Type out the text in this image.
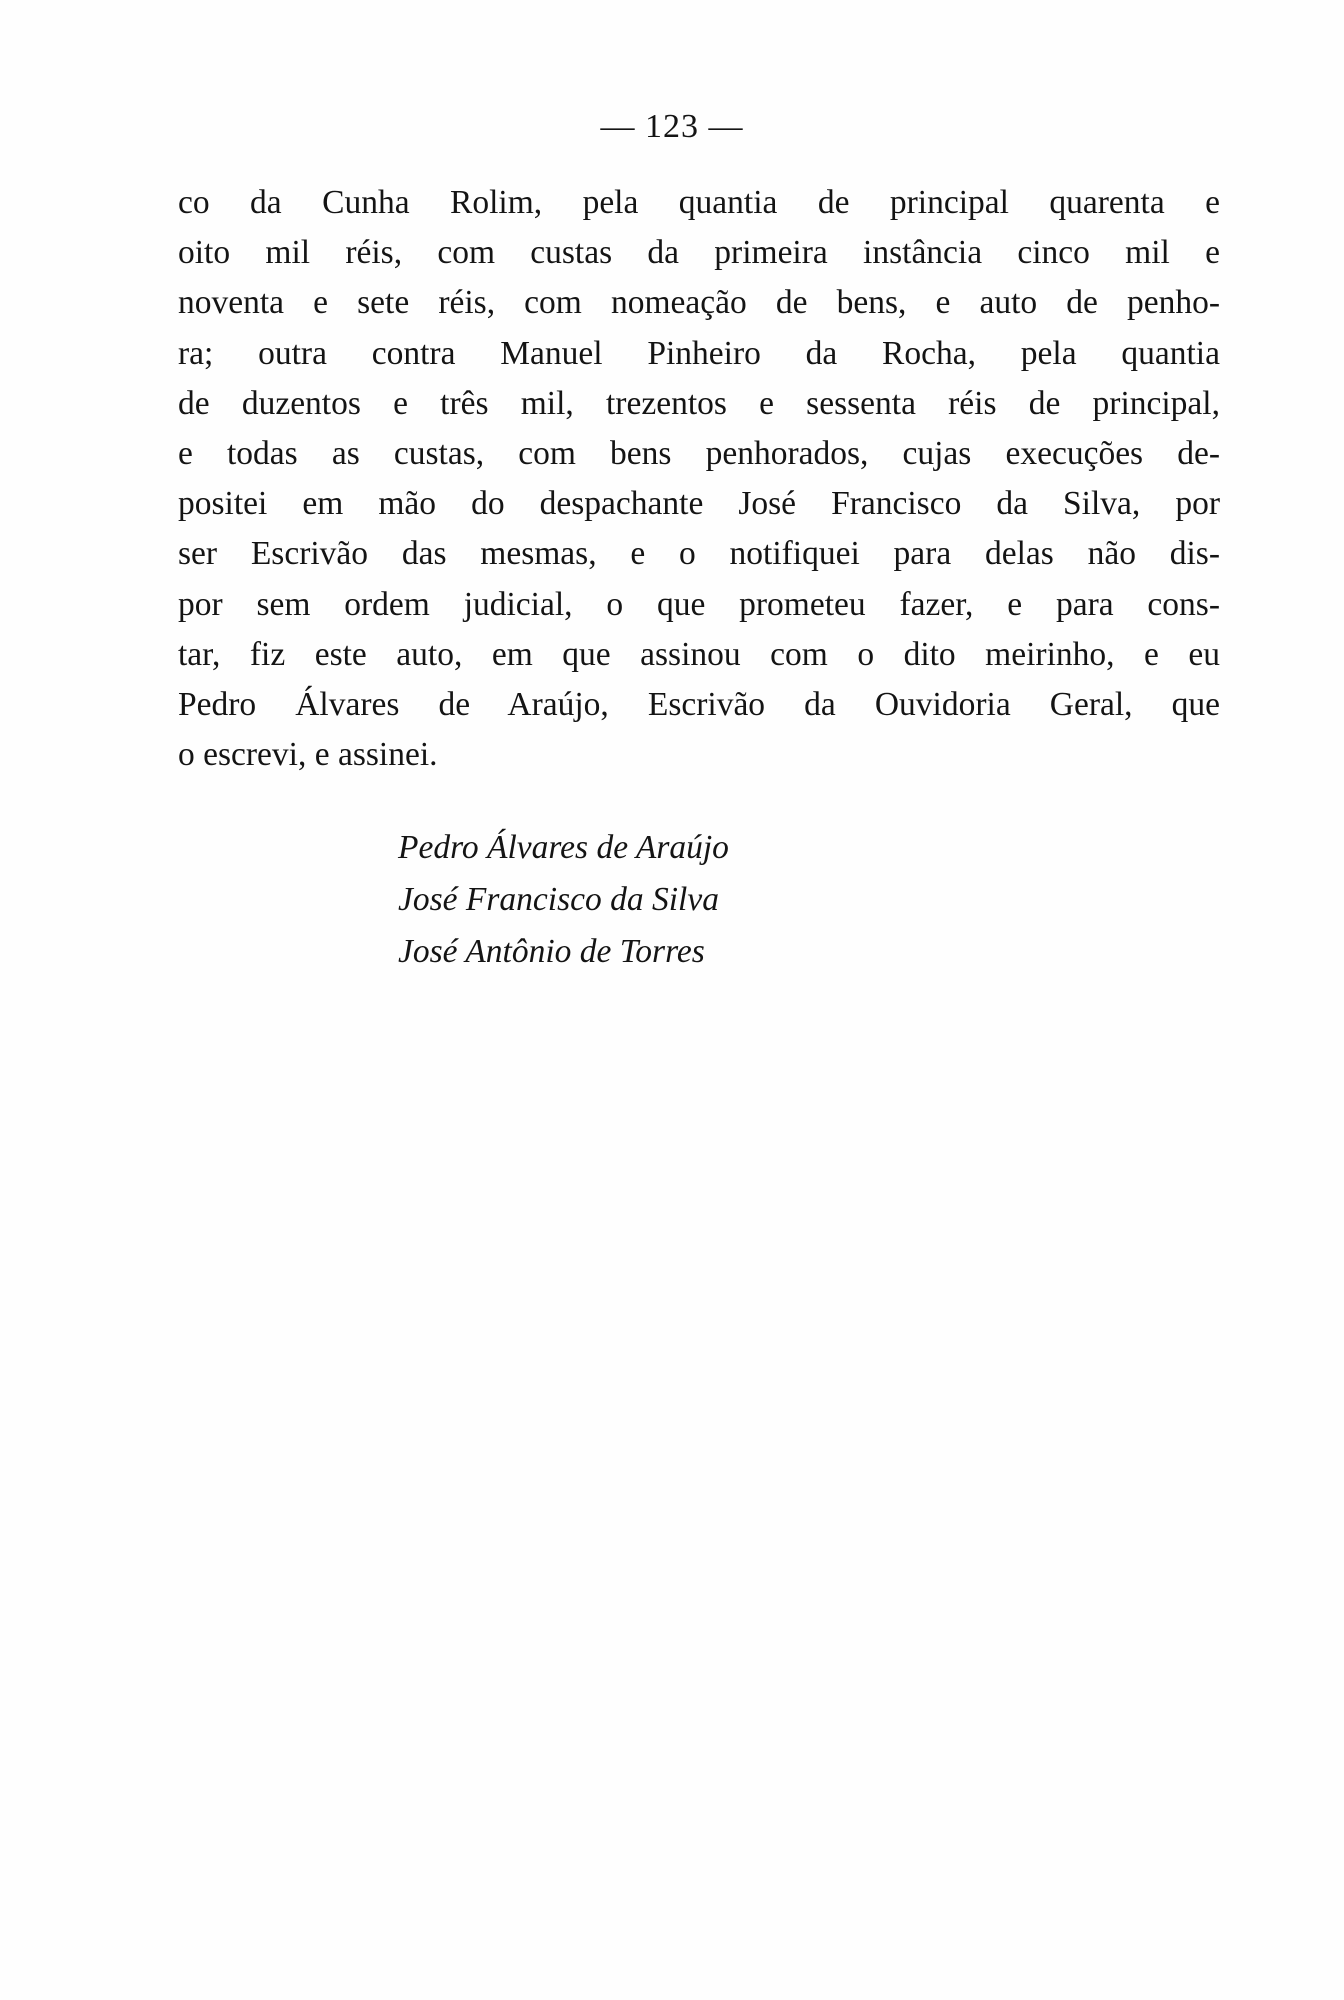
— 123 —
co da Cunha Rolim, pela quantia de principal quarenta e
oito mil réis, com custas da primeira instância cinco mil e
noventa e sete réis, com nomeação de bens, e auto de penho-
ra; outra contra Manuel Pinheiro da Rocha, pela quantia
de duzentos e três mil, trezentos e sessenta réis de principal,
e todas as custas, com bens penhorados, cujas execuções de-
positei em mão do despachante José Francisco da Silva, por
ser Escrivão das mesmas, e o notifiquei para delas não dis-
por sem ordem judicial, o que prometeu fazer, e para cons-
tar, fiz este auto, em que assinou com o dito meirinho, e eu
Pedro Álvares de Araújo, Escrivão da Ouvidoria Geral, que
o escrevi, e assinei.
Pedro Álvares de Araújo
José Francisco da Silva
José Antônio de Torres
